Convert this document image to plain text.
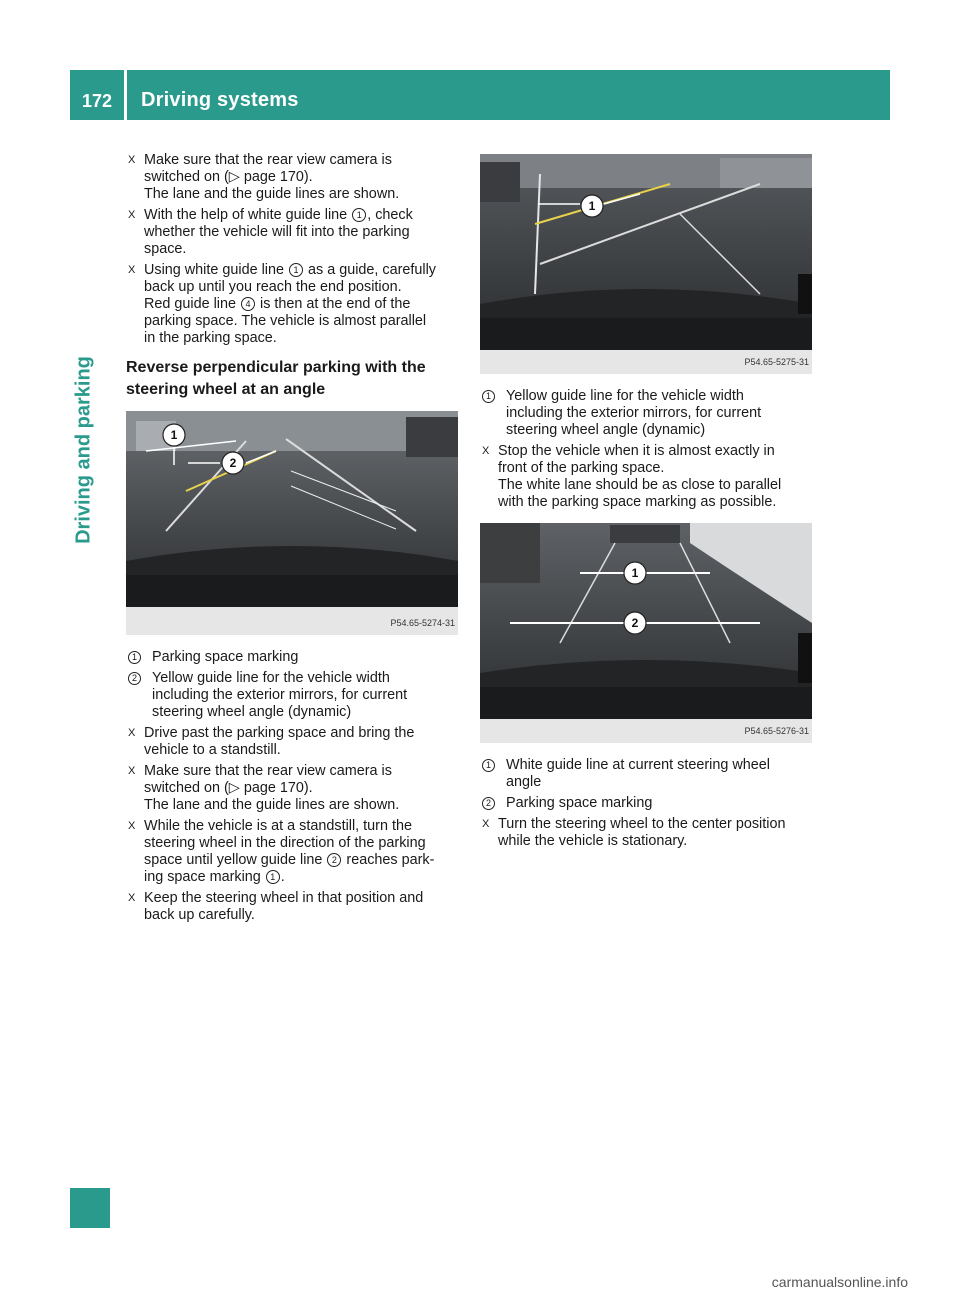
172	Driving systems
Driving and parking
X Make sure that the rear view camera is
switched on (▷ page 170).
The lane and the guide lines are shown.
X With the help of white guide line 1 , check
whether the vehicle will fit into the parking
space.
X Using white guide line 1 as a guide, carefully
back up until you reach the end position.
Red guide line 4 is then at the end of the
parking space. The vehicle is almost parallel
in the parking space.
Reverse perpendicular parking with the
steering wheel at an angle
1
2
P54.65-5274-31
1 Parking space marking
2 Yellow guide line for the vehicle width
including the exterior mirrors, for current
steering wheel angle (dynamic)
X Drive past the parking space and bring the
vehicle to a standstill.
X Make sure that the rear view camera is
switched on (▷ page 170).
The lane and the guide lines are shown.
X While the vehicle is at a standstill, turn the
steering wheel in the direction of the parking
space until yellow guide line 2 reaches park-
ing space marking 1 .
X Keep the steering wheel in that position and
back up carefully.
1
P54.65-5275-31
1 Yellow guide line for the vehicle width
including the exterior mirrors, for current
steering wheel angle (dynamic)
X Stop the vehicle when it is almost exactly in
front of the parking space.
The white lane should be as close to parallel
with the parking space marking as possible.
1
2
P54.65-5276-31
1 White guide line at current steering wheel
angle
2 Parking space marking
X Turn the steering wheel to the center position
while the vehicle is stationary.
carmanualsonline.info
